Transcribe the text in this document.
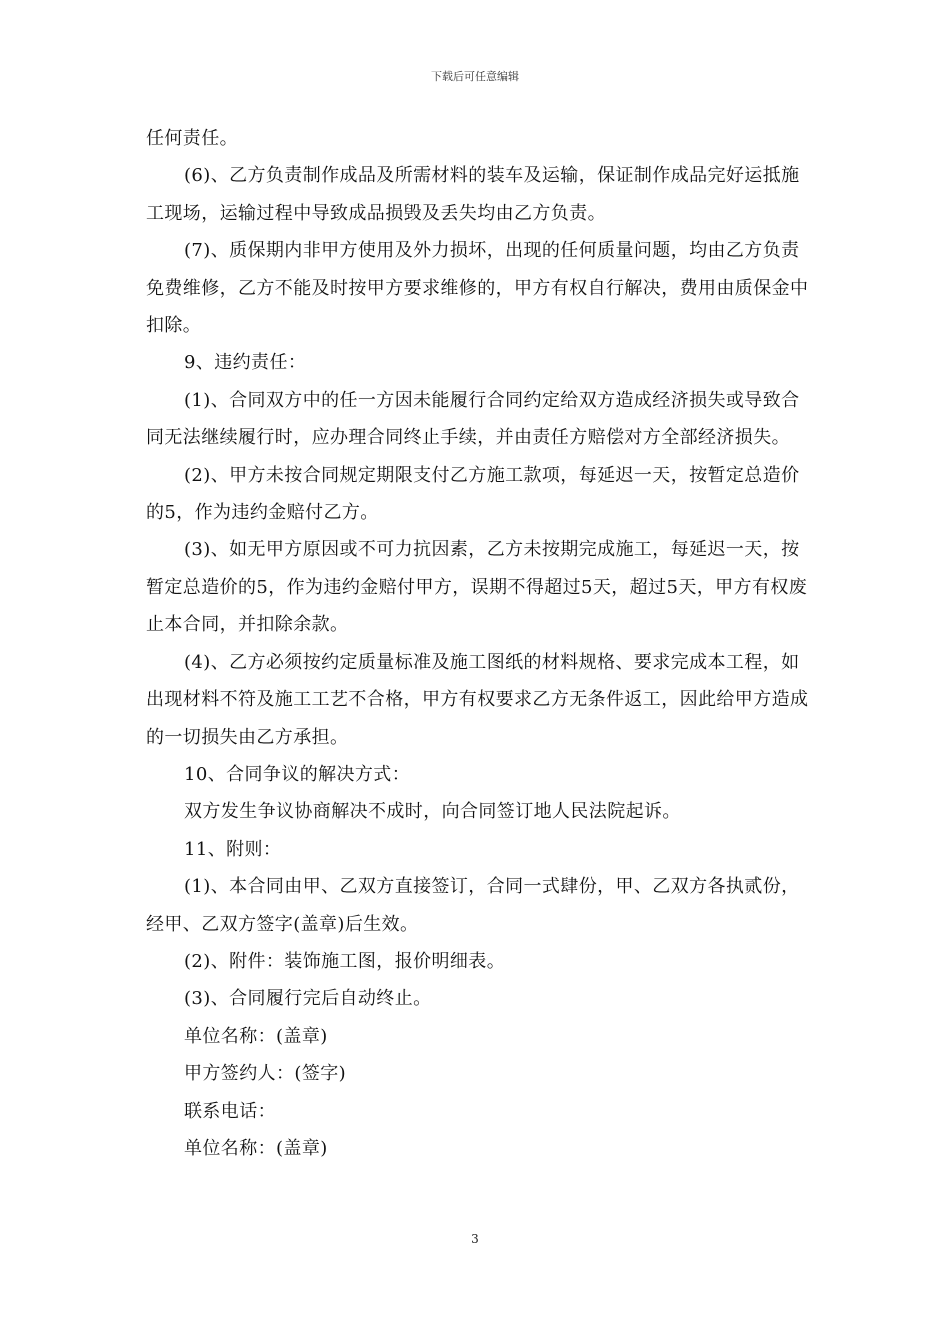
下载后可任意编辑

任何责任。

(6)、乙方负责制作成品及所需材料的装车及运输，保证制作成品完好运抵施工现场，运输过程中导致成品损毁及丢失均由乙方负责。

(7)、质保期内非甲方使用及外力损坏，出现的任何质量问题，均由乙方负责免费维修，乙方不能及时按甲方要求维修的，甲方有权自行解决，费用由质保金中扣除。

9、违约责任：

(1)、合同双方中的任一方因未能履行合同约定给双方造成经济损失或导致合同无法继续履行时，应办理合同终止手续，并由责任方赔偿对方全部经济损失。

(2)、甲方未按合同规定期限支付乙方施工款项，每延迟一天，按暂定总造价的5，作为违约金赔付乙方。

(3)、如无甲方原因或不可力抗因素，乙方未按期完成施工，每延迟一天，按暂定总造价的5，作为违约金赔付甲方，误期不得超过5天，超过5天，甲方有权废止本合同，并扣除余款。

(4)、乙方必须按约定质量标准及施工图纸的材料规格、要求完成本工程，如出现材料不符及施工工艺不合格，甲方有权要求乙方无条件返工，因此给甲方造成的一切损失由乙方承担。

10、合同争议的解决方式：

双方发生争议协商解决不成时，向合同签订地人民法院起诉。

11、附则：

(1)、本合同由甲、乙双方直接签订，合同一式肆份，甲、乙双方各执贰份，经甲、乙双方签字(盖章)后生效。

(2)、附件：装饰施工图，报价明细表。

(3)、合同履行完后自动终止。

单位名称：(盖章)

甲方签约人：(签字)

联系电话：

单位名称：(盖章)

3
